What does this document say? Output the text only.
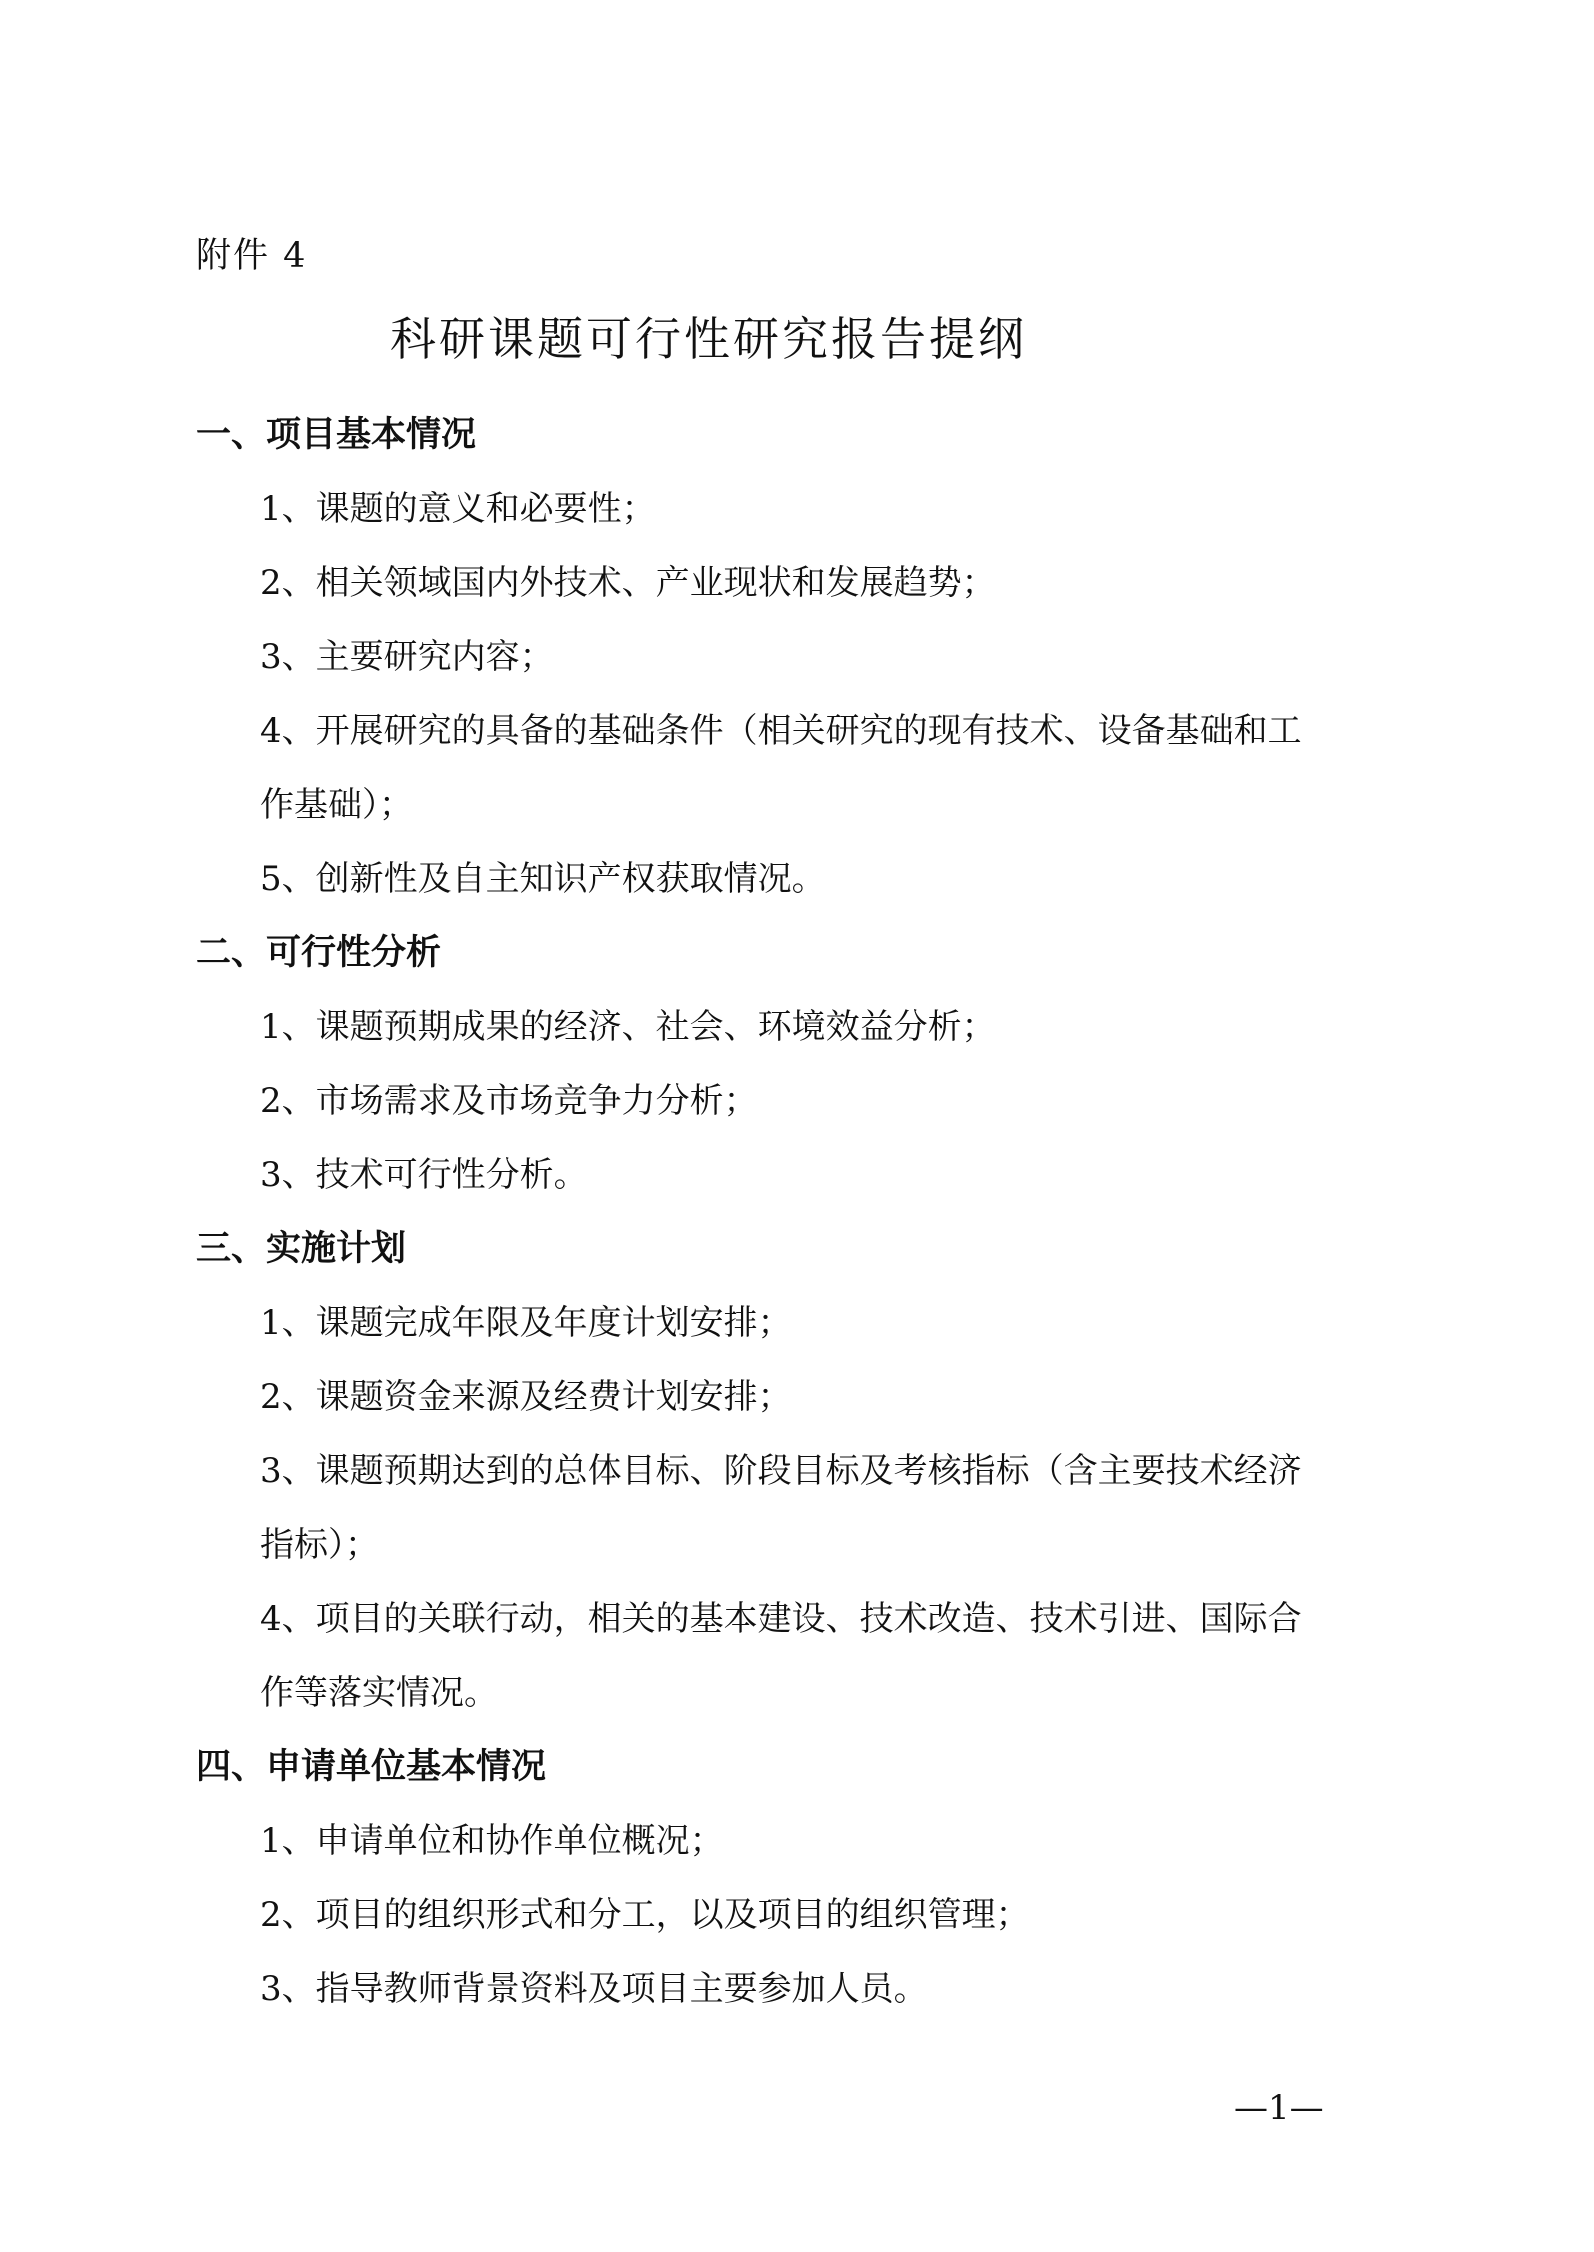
附件 4
科研课题可行性研究报告提纲
一、项目基本情况
1、课题的意义和必要性；
2、相关领域国内外技术、产业现状和发展趋势；
3、主要研究内容；
4、开展研究的具备的基础条件（相关研究的现有技术、设备基础和工
作基础）；
5、创新性及自主知识产权获取情况。
二、可行性分析
1、课题预期成果的经济、社会、环境效益分析；
2、市场需求及市场竞争力分析；
3、技术可行性分析。
三、实施计划
1、课题完成年限及年度计划安排；
2、课题资金来源及经费计划安排；
3、课题预期达到的总体目标、阶段目标及考核指标（含主要技术经济
指标）；
4、项目的关联行动，相关的基本建设、技术改造、技术引进、国际合
作等落实情况。
四、申请单位基本情况
1、申请单位和协作单位概况；
2、项目的组织形式和分工，以及项目的组织管理；
3、指导教师背景资料及项目主要参加人员。
—1—
